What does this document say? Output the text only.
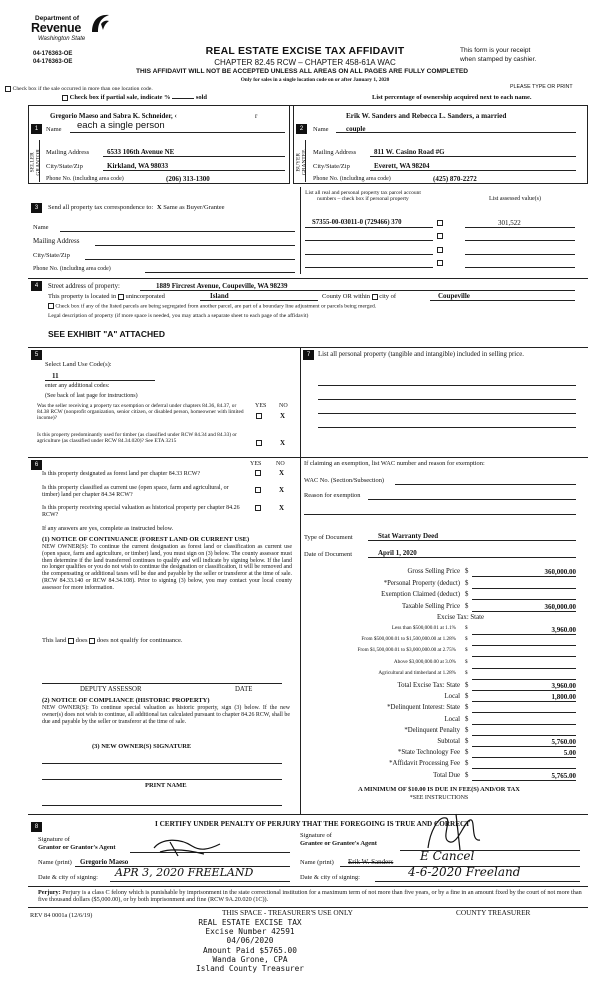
Department of
Revenue
Washington State
04-176363-OE
04-176363-OE
REAL ESTATE EXCISE TAX AFFIDAVIT
CHAPTER 82.45 RCW – CHAPTER 458-61A WAC
THIS AFFIDAVIT WILL NOT BE ACCEPTED UNLESS ALL AREAS ON ALL PAGES ARE FULLY COMPLETED
Only for sales in a single location code on or after January 1, 2020
This form is your receipt
when stamped by cashier.
PLEASE TYPE OR PRINT
Check box if the sale occurred in more than one location code.
Check box if partial sale, indicate %	sold	List percentage of ownership acquired next to each name.
1
Gregorio Maeso and Sabra K. Schneider, ‹	r
Name each a single person
SELLER GRANTOR Mailing Address	6533 106th Avenue NE
City/State/Zip	Kirkland, WA 98033
Phone No. (including area code)	(206) 313-1300
2
Erik W. Sanders and Rebecca L. Sanders, a married
Name couple
BUYER GRANTEE Mailing Address	811 W. Casino Road #G
City/State/Zip	Everett, WA 98204
Phone No. (including area code)	(425) 870-2272
3	Send all property tax correspondence to: X Same as Buyer/Grantee
Name
Mailing Address
City/State/Zip
Phone No. (including area code)
List all real and personal property tax parcel account numbers – check box if personal property	List assessed value(s)
S7355-00-03011-0 (729466) 370	301,522
4	Street address of property:	1889 Fircrest Avenue, Coupeville, WA 98239
This property is located in unincorporated	Island	County OR within city of	Coupeville
Check box if any of the listed parcels are being segregated from another parcel, are part of a boundary line adjustment or parcels being merged.
Legal description of property (if more space is needed, you may attach a separate sheet to each page of the affidavit)
SEE EXHIBIT "A" ATTACHED
5
Select Land Use Code(s):
11
enter any additional codes:
(See back of last page for instructions)
YES NO
Was the seller receiving a property tax exemption or deferral under chapters 84.36, 84.37, or 84.38 RCW (nonprofit organization, senior citizen, or disabled person, homeowner with limited income)?	X
Is this property predominantly used for timber (as classified under RCW 84.34 and 84.33) or agriculture (as classified under RCW 84.34.020)? See ETA 3215	X
7	List all personal property (tangible and intangible) included in selling price.
6	YES NO
Is this property designated as forest land per chapter 84.33 RCW?	X
Is this property classified as current use (open space, farm and agricultural, or timber) land per chapter 84.34 RCW?
X
Is this property receiving special valuation as historical property per chapter 84.26 RCW?
X
If any answers are yes, complete as instructed below.
(1) NOTICE OF CONTINUANCE (FOREST LAND OR CURRENT USE)
NEW OWNER(S): To continue the current designation as forest land or classification as current use (open space, farm and agriculture, or timber) land, you must sign on (3) below. The county assessor must then determine if the land transferred continues to qualify and will indicate by signing below. If the land no longer qualifies or you do not wish to continue the designation or classification, it will be removed and the compensating or additional taxes will be due and payable by the seller or transferor at the time of sale. (RCW 84.33.140 or RCW 84.34.108). Prior to signing (3) below, you may contact your local county assessor for more information.
This land does does not qualify for continuance.
DEPUTY ASSESSOR	DATE
(2) NOTICE OF COMPLIANCE (HISTORIC PROPERTY)
NEW OWNER(S): To continue special valuation as historic property, sign (3) below. If the new owner(s) does not wish to continue, all additional tax calculated pursuant to chapter 84.26 RCW, shall be due and payable by the seller or transferor at the time of sale.
(3) NEW OWNER(S) SIGNATURE
PRINT NAME
If claiming an exemption, list WAC number and reason for exemption:
WAC No. (Section/Subsection)
Reason for exemption
Type of Document	Stat Warranty Deed
Date of Document	April 1, 2020
Gross Selling Price $	360,000.00
*Personal Property (deduct) $
Exemption Claimed (deduct) $
Taxable Selling Price $	360,000.00
Excise Tax: State
Less than $500,000.01 at 1.1% $	3,960.00
From $500,000.01 to $1,500,000.00 at 1.28% $
From $1,500,000.01 to $3,000,000.00 at 2.75% $
Above $3,000,000.00 at 3.0% $
Agricultural and timberland at 1.28% $
Total Excise Tax: State $	3,960.00
Local $	1,800.00
*Delinquent Interest: State $
Local $
*Delinquent Penalty $
Subtotal $	5,760.00
*State Technology Fee $	5.00
*Affidavit Processing Fee $
Total Due $	5,765.00
A MINIMUM OF $10.00 IS DUE IN FEE(S) AND/OR TAX
*SEE INSTRUCTIONS
8	I CERTIFY UNDER PENALTY OF PERJURY THAT THE FOREGOING IS TRUE AND CORRECT
Signature of
Grantor or Grantor's Agent
Name (print) Gregorio Maeso
Date & city of signing: APR 3, 2020 FREELAND
Signature of
Grantee or Grantee's Agent
Name (print) Erik W. Sanders E Cancel
Date & city of signing:	4-6-2020 Freeland
Perjury: Perjury is a class C felony which is punishable by imprisonment in the state correctional institution for a maximum term of not more than five years, or by a fine in an amount fixed by the court of not more than five thousand dollars ($5,000.00), or by both imprisonment and fine (RCW 9A.20.020 (1C)).
REV 84 0001a (12/6/19)	THIS SPACE - TREASURER'S USE ONLY	COUNTY TREASURER
REAL ESTATE EXCISE TAX
Excise Number 42591
04/06/2020
Amount Paid $5765.00
Wanda Grone, CPA
Island County Treasurer
